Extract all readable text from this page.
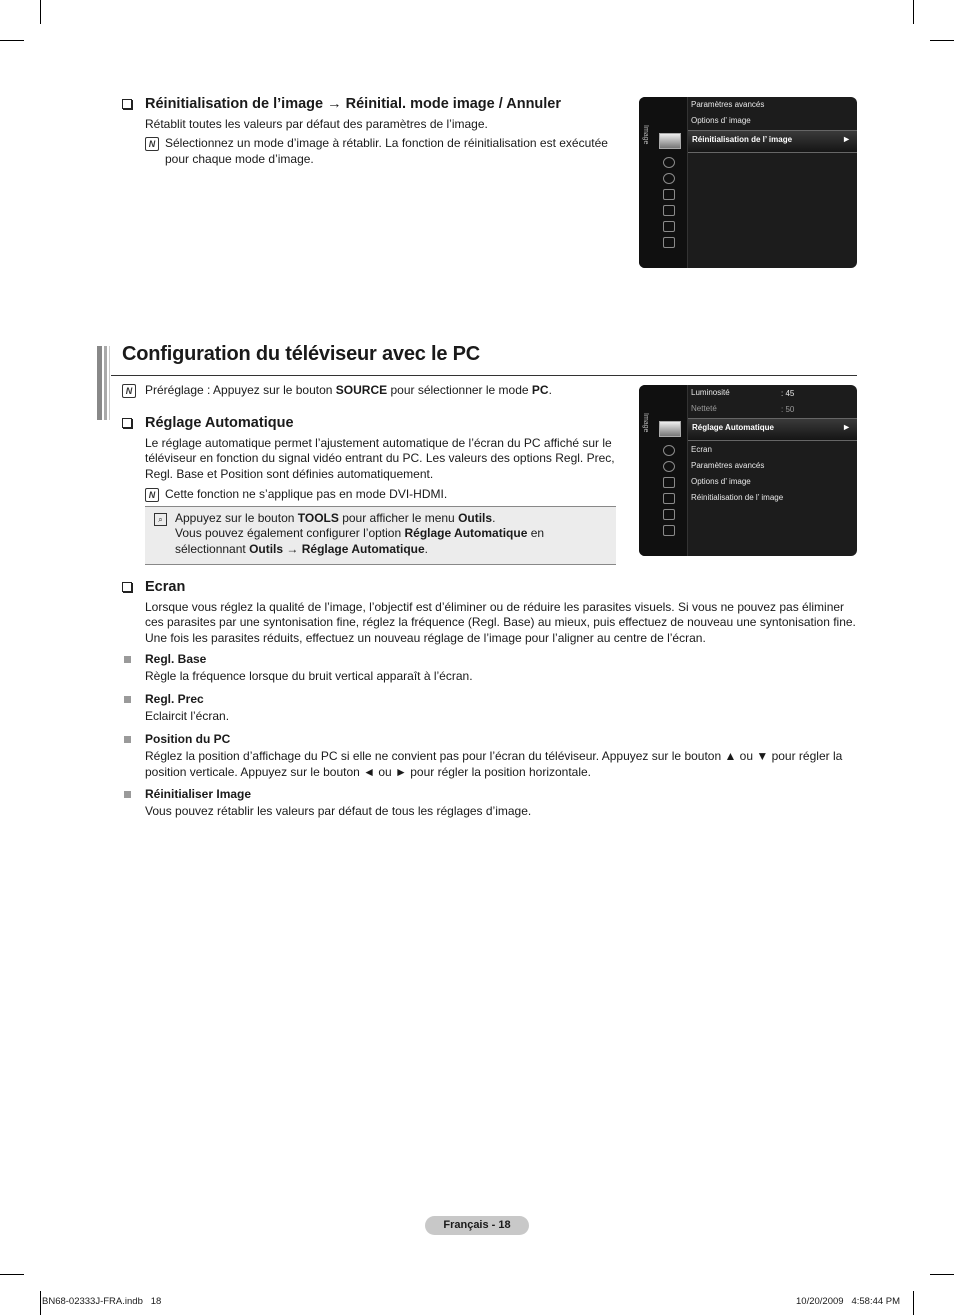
Réinitialisation de l’image → Réinitial. mode image / Annuler
Rétablit toutes les valeurs par défaut des paramètres de l’image.
N Sélectionnez un mode d’image à rétablir. La fonction de réinitialisation est exécutée pour chaque mode d’image.
Image
Paramètres avancés
Options d’ image
Réinitialisation de l’ image	►
Configuration du téléviseur avec le PC
N	Préréglage : Appuyez sur le bouton SOURCE pour sélectionner le mode PC.
Réglage Automatique
Le réglage automatique permet l’ajustement automatique de l’écran du PC affiché sur le téléviseur en fonction du signal vidéo entrant du PC. Les valeurs des options Regl. Prec, Regl. Base et Position sont définies automatiquement.
N Cette fonction ne s’applique pas en mode DVI-HDMI.
⌕	Appuyez sur le bouton TOOLS pour afficher le menu Outils.
Vous pouvez également configurer l’option Réglage Automatique en
sélectionnant Outils → Réglage Automatique.
Image
Luminosité	: 45
Netteté	: 50
Réglage Automatique	►
Ecran
Paramètres avancés
Options d’ image
Réinitialisation de l’ image
Ecran
Lorsque vous réglez la qualité de l’image, l’objectif est d’éliminer ou de réduire les parasites visuels. Si vous ne pouvez pas éliminer ces parasites par une syntonisation fine, réglez la fréquence (Regl. Base) au mieux, puis effectuez de nouveau une syntonisation fine. Une fois les parasites réduits, effectuez un nouveau réglage de l’image pour l’aligner au centre de l’écran.
Regl. Base
Règle la fréquence lorsque du bruit vertical apparaît à l’écran.
Regl. Prec
Eclaircit l’écran.
Position du PC
Réglez la position d’affichage du PC si elle ne convient pas pour l’écran du téléviseur. Appuyez sur le bouton ▲ ou ▼ pour régler la position verticale. Appuyez sur le bouton ◄ ou ► pour régler la position horizontale.
Réinitialiser Image
Vous pouvez rétablir les valeurs par défaut de tous les réglages d’image.
Français - 18
BN68-02333J-FRA.indb   18	10/20/2009   4:58:44 PM
